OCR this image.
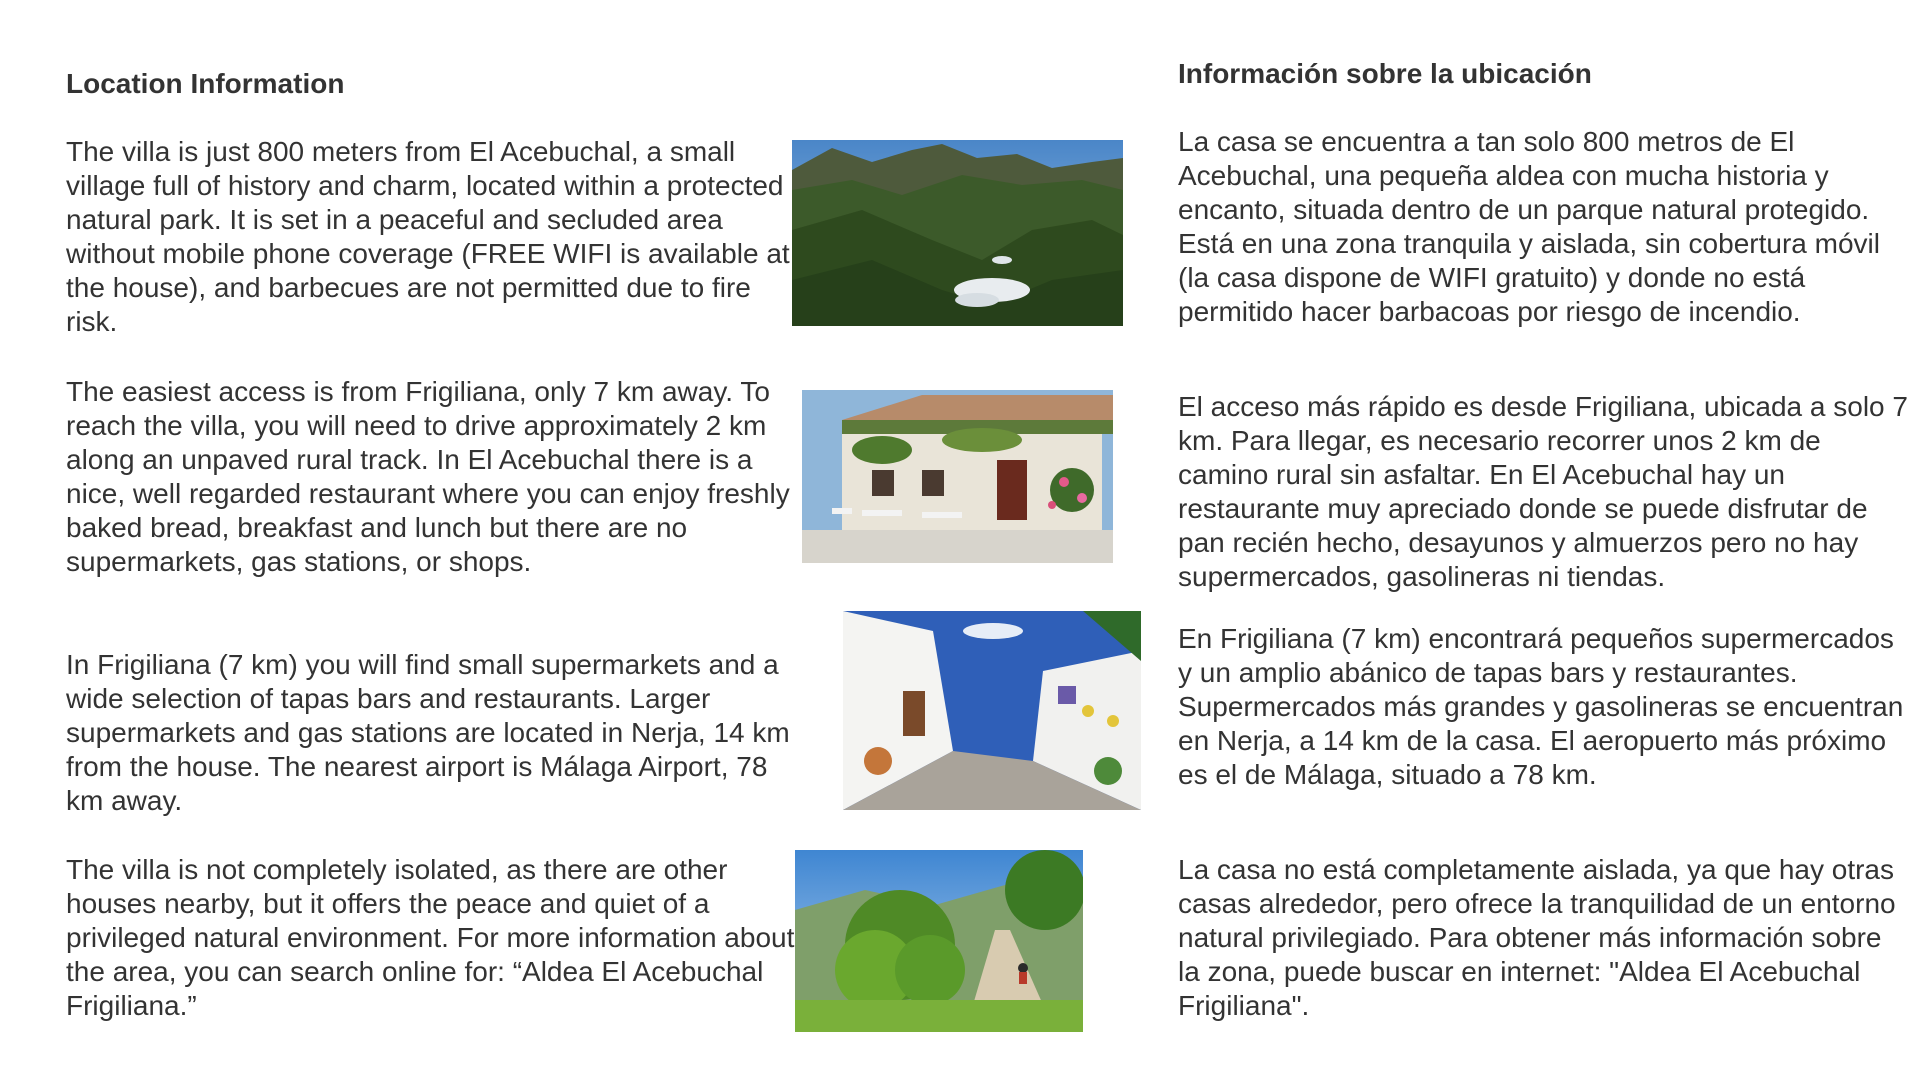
Location Information

The villa is just 800 meters from El Acebuchal, a small village full of history and charm, located within a protected natural park. It is set in a peaceful and secluded area without mobile phone coverage (FREE WIFI is available at the house), and barbecues are not permitted due to fire risk.

The easiest access is from Frigiliana, only 7 km away. To reach the villa, you will need to drive approximately 2 km along an unpaved rural track. In El Acebuchal there is a nice, well regarded restaurant where you can enjoy freshly baked bread, breakfast and lunch but there are no supermarkets, gas stations, or shops.

In Frigiliana (7 km) you will find small supermarkets and a wide selection of tapas bars and restaurants. Larger supermarkets and gas stations are located in Nerja, 14 km from the house. The nearest airport is Málaga Airport, 78 km away.

The villa is not completely isolated, as there are other houses nearby, but it offers the peace and quiet of a privileged natural environment. For more information about the area, you can search online for: “Aldea El Acebuchal Frigiliana.”

Información sobre la ubicación

La casa se encuentra a tan solo 800 metros de El Acebuchal, una pequeña aldea con mucha historia y encanto, situada dentro de un parque natural protegido. Está en una zona tranquila y aislada, sin cobertura móvil (la casa dispone de WIFI gratuito) y donde no está permitido hacer barbacoas por riesgo de incendio.

El acceso más rápido es desde Frigiliana, ubicada a solo 7 km. Para llegar, es necesario recorrer unos 2 km de camino rural sin asfaltar. En El Acebuchal hay un restaurante muy apreciado donde se puede disfrutar de pan recién hecho, desayunos y almuerzos pero no hay supermercados, gasolineras ni tiendas.

En Frigiliana (7 km) encontrará pequeños supermercados y un amplio abánico de tapas bars y restaurantes. Supermercados más grandes y gasolineras se encuentran en Nerja, a 14 km de la casa. El aeropuerto más próximo es el de Málaga, situado a 78 km.

La casa no está completamente aislada, ya que hay otras casas alrededor, pero ofrece la tranquilidad de un entorno natural privilegiado. Para obtener más información sobre la zona, puede buscar en internet: "Aldea El Acebuchal Frigiliana".
